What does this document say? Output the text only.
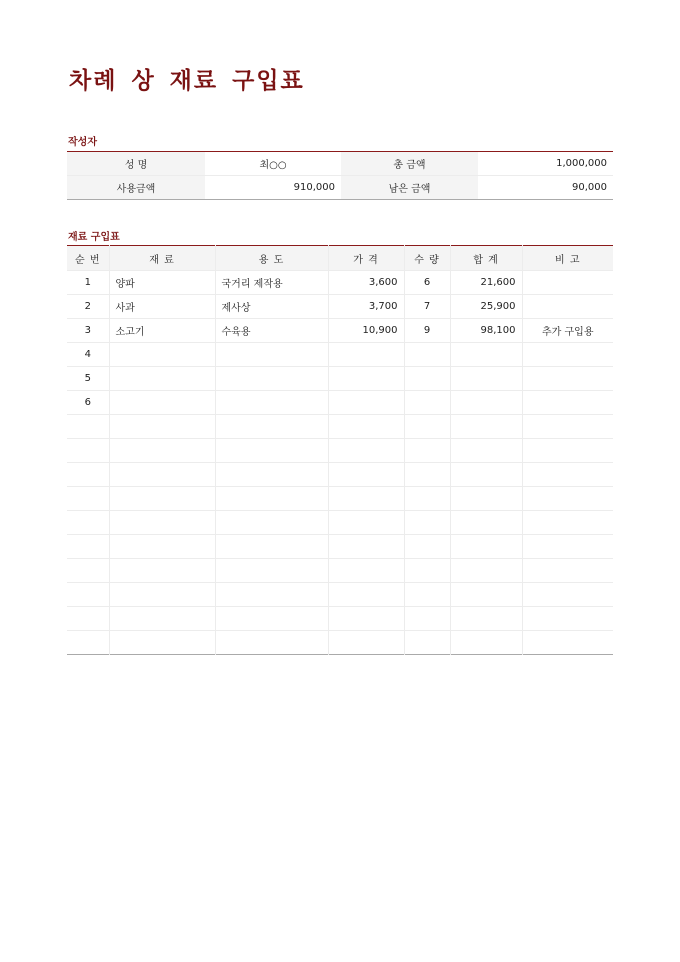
차례 상 재료 구입표
작성자
성 명	최○○	총 금액	1,000,000
사용금액	910,000	남은 금액	90,000
재료 구입표
순 번	재 료	용 도	가 격	수 량	합 계	비 고
1	양파	국거리 제작용	3,600	6	21,600	
2	사과	제사상	3,700	7	25,900	
3	소고기	수육용	10,900	9	98,100	추가 구입용
4						
5						
6						
